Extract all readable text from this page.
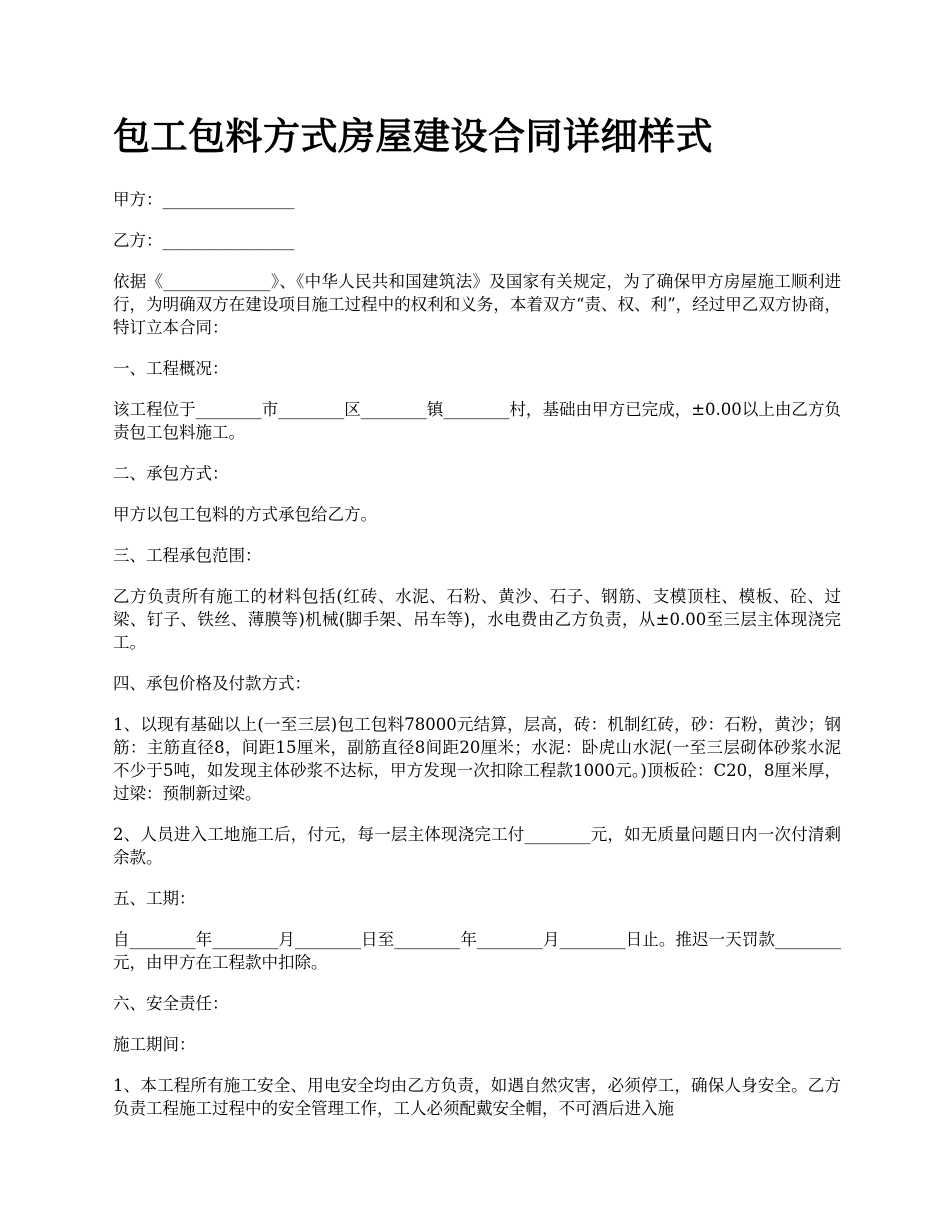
包工包料方式房屋建设合同详细样式

甲方：________________

乙方：________________

依据《_____________》、《中华人民共和国建筑法》及国家有关规定，为了确保甲方房屋施工顺利进行，为明确双方在建设项目施工过程中的权利和义务，本着双方“责、权、利”，经过甲乙双方协商，特订立本合同：

一、工程概况：

该工程位于________市________区________镇________村，基础由甲方已完成，±0.00以上由乙方负责包工包料施工。

二、承包方式：

甲方以包工包料的方式承包给乙方。

三、工程承包范围：

乙方负责所有施工的材料包括(红砖、水泥、石粉、黄沙、石子、钢筋、支模顶柱、模板、砼、过梁、钉子、铁丝、薄膜等)机械(脚手架、吊车等)，水电费由乙方负责，从±0.00至三层主体现浇完工。

四、承包价格及付款方式：

1、以现有基础以上(一至三层)包工包料78000元结算，层高，砖：机制红砖，砂：石粉，黄沙；钢筋：主筋直径8，间距15厘米，副筋直径8间距20厘米；水泥：卧虎山水泥(一至三层砌体砂浆水泥不少于5吨，如发现主体砂浆不达标，甲方发现一次扣除工程款1000元。)顶板砼：C20，8厘米厚，过梁：预制新过梁。

2、人员进入工地施工后，付元，每一层主体现浇完工付________元，如无质量问题日内一次付清剩余款。

五、工期：

自________年________月________日至________年________月________日止。推迟一天罚款________元，由甲方在工程款中扣除。

六、安全责任：

施工期间：

1、本工程所有施工安全、用电安全均由乙方负责，如遇自然灾害，必须停工，确保人身安全。乙方负责工程施工过程中的安全管理工作，工人必须配戴安全帽，不可酒后进入施
